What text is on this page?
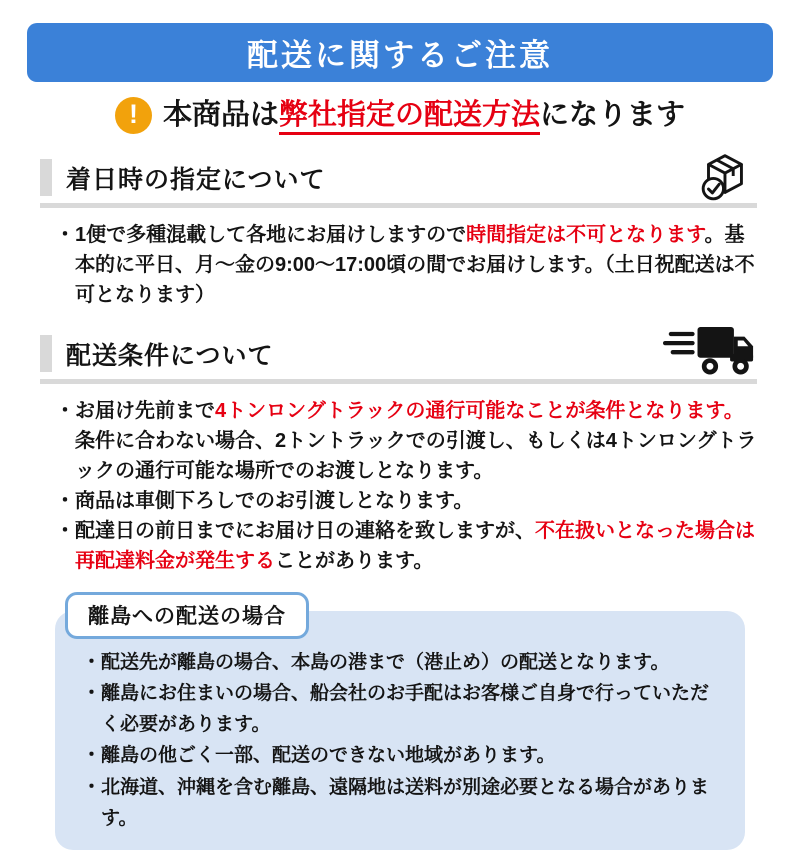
配送に関するご注意
! 本商品は弊社指定の配送方法になります
着日時の指定について
・ 1便で多種混載して各地にお届けしますので時間指定は不可となります。基本的に平日、月〜金の9:00〜17:00頃の間でお届けします。（土日祝配送は不可となります）
配送条件について
・ お届け先前まで4トンロングトラックの通行可能なことが条件となります。条件に合わない場合、2トントラックでの引渡し、もしくは4トンロングトラックの通行可能な場所でのお渡しとなります。
・ 商品は車側下ろしでのお引渡しとなります。
・ 配達日の前日までにお届け日の連絡を致しますが、不在扱いとなった場合は再配達料金が発生することがあります。
離島への配送の場合
・ 配送先が離島の場合、本島の港まで（港止め）の配送となります。
・ 離島にお住まいの場合、船会社のお手配はお客様ご自身で行っていただく必要があります。
・ 離島の他ごく一部、配送のできない地域があります。
・ 北海道、沖縄を含む離島、遠隔地は送料が別途必要となる場合があります。
